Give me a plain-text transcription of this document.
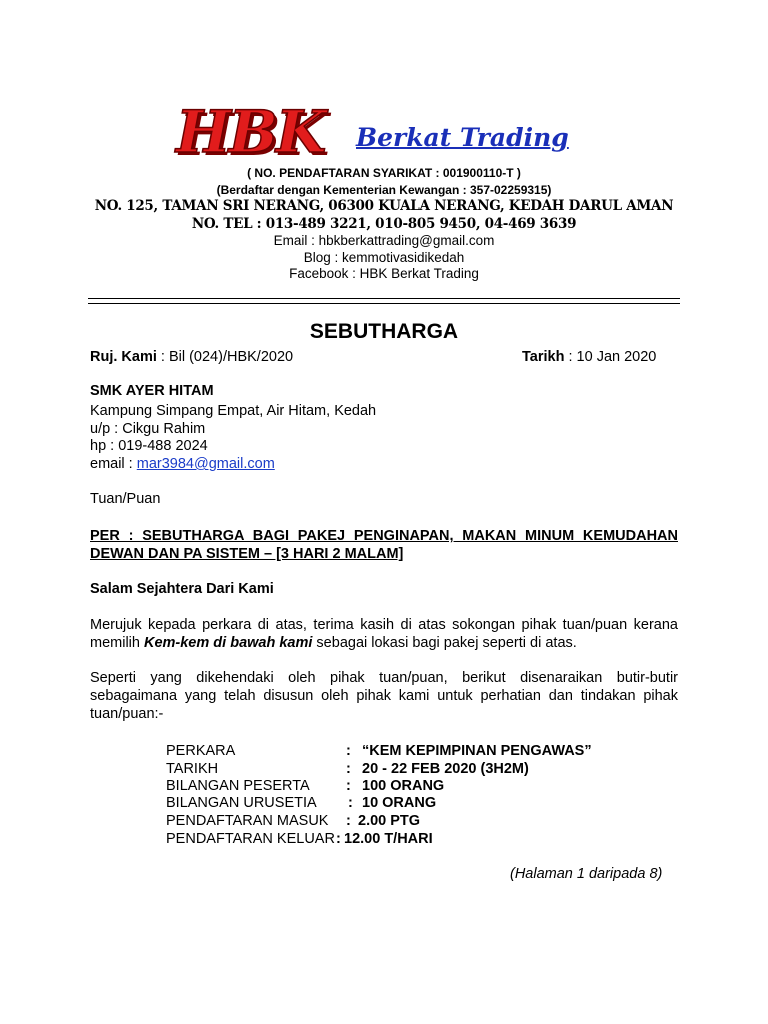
HBK Berkat Trading
( NO. PENDAFTARAN SYARIKAT : 001900110-T )
(Berdaftar dengan Kementerian Kewangan : 357-02259315)
NO. 125, TAMAN SRI NERANG, 06300 KUALA NERANG, KEDAH DARUL AMAN
NO. TEL : 013-489 3221, 010-805 9450, 04-469 3639
Email : hbkberkattrading@gmail.com
Blog : kemmotivasidikedah
Facebook : HBK Berkat Trading
SEBUTHARGA
Ruj. Kami : Bil (024)/HBK/2020	Tarikh : 10 Jan 2020
SMK AYER HITAM
Kampung Simpang Empat, Air Hitam, Kedah
u/p : Cikgu Rahim
hp : 019-488 2024
email : mar3984@gmail.com
Tuan/Puan
PER : SEBUTHARGA BAGI PAKEJ PENGINAPAN, MAKAN MINUM KEMUDAHAN DEWAN DAN PA SISTEM – [3 HARI 2 MALAM]
Salam Sejahtera Dari Kami
Merujuk kepada perkara di atas, terima kasih di atas sokongan pihak tuan/puan kerana memilih Kem-kem di bawah kami sebagai lokasi bagi pakej seperti di atas.
Seperti yang dikehendaki oleh pihak tuan/puan, berikut disenaraikan butir-butir sebagaimana yang telah disusun oleh pihak kami untuk perhatian dan tindakan pihak tuan/puan:-
PERKARA	: “KEM KEPIMPINAN PENGAWAS”
TARIKH	: 20 - 22 FEB 2020 (3H2M)
BILANGAN PESERTA	: 100 ORANG
BILANGAN URUSETIA : 10 ORANG
PENDAFTARAN MASUK : 2.00 PTG
PENDAFTARAN KELUAR : 12.00 T/HARI
(Halaman 1 daripada 8)
